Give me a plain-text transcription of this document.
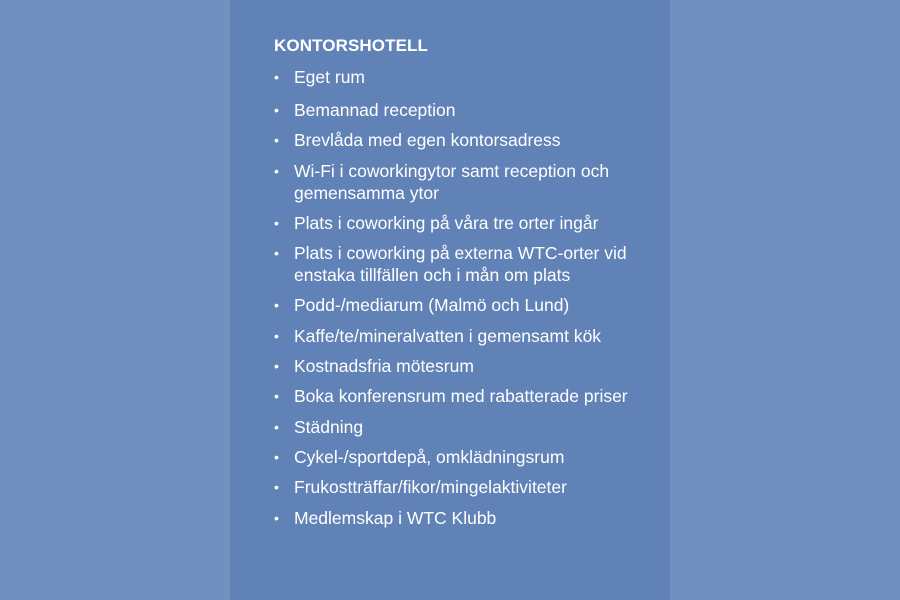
KONTORSHOTELL
• Eget rum
• Bemannad reception
• Brevlåda med egen kontorsadress
• Wi-Fi i coworkingytor samt reception och gemensamma ytor
• Plats i coworking på våra tre orter ingår
• Plats i coworking på externa WTC-orter vid enstaka tillfällen och i mån om plats
• Podd-/mediarum (Malmö och Lund)
• Kaffe/te/mineralvatten i gemensamt kök
• Kostnadsfria mötesrum
• Boka konferensrum med rabatterade priser
• Städning
• Cykel-/sportdepå, omklädningsrum
• Frukostträffar/fikor/mingelaktiviteter
• Medlemskap i WTC Klubb
